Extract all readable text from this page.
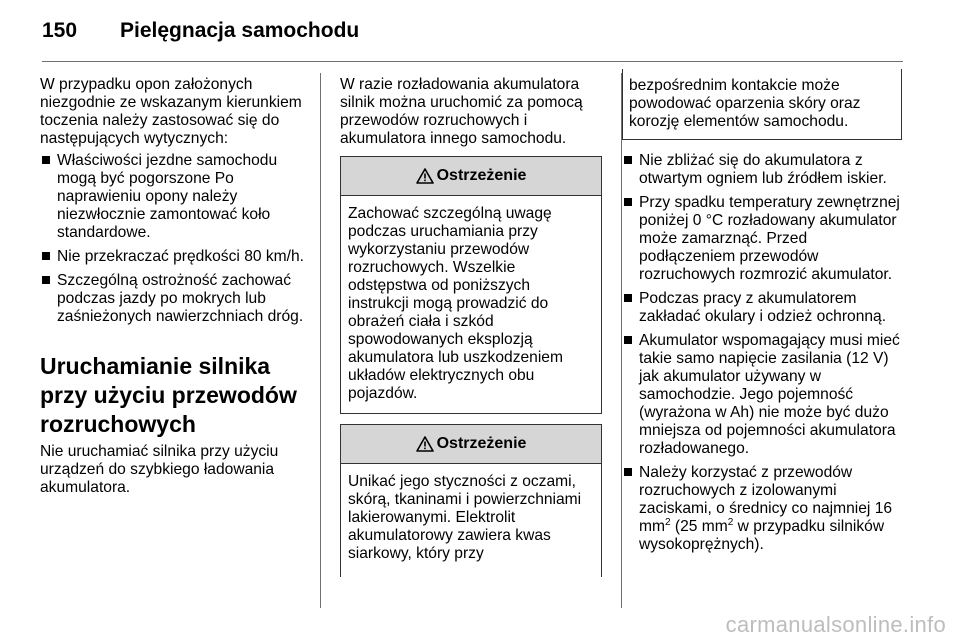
150 Pielęgnacja samochodu

W przypadku opon założonych niezgodnie ze wskazanym kierunkiem toczenia należy zastosować się do następujących wytycznych:

Właściwości jezdne samochodu mogą być pogorszone Po naprawieniu opony należy niezwłocznie zamontować koło standardowe.
Nie przekraczać prędkości 80 km/h.
Szczególną ostrożność zachować podczas jazdy po mokrych lub zaśnieżonych nawierzchniach dróg.
Uruchamianie silnika przy użyciu przewodów rozruchowych

Nie uruchamiać silnika przy użyciu urządzeń do szybkiego ładowania akumulatora.

W razie rozładowania akumulatora silnik można uruchomić za pomocą przewodów rozruchowych i akumulatora innego samochodu.

Ostrzeżenie
Zachować szczególną uwagę podczas uruchamiania przy wykorzystaniu przewodów rozruchowych. Wszelkie odstępstwa od poniższych instrukcji mogą prowadzić do obrażeń ciała i szkód spowodowanych eksplozją akumulatora lub uszkodzeniem układów elektrycznych obu pojazdów.
Ostrzeżenie
Unikać jego styczności z oczami, skórą, tkaninami i powierzchniami lakierowanymi. Elektrolit akumulatorowy zawiera kwas siarkowy, który przy
bezpośrednim kontakcie może powodować oparzenia skóry oraz korozję elementów samochodu.
Nie zbliżać się do akumulatora z otwartym ogniem lub źródłem iskier.
Przy spadku temperatury zewnętrznej poniżej 0 °C rozładowany akumulator może zamarznąć. Przed podłączeniem przewodów rozruchowych rozmrozić akumulator.
Podczas pracy z akumulatorem zakładać okulary i odzież ochronną.
Akumulator wspomagający musi mieć takie samo napięcie zasilania (12 V) jak akumulator używany w samochodzie. Jego pojemność (wyrażona w Ah) nie może być dużo mniejsza od pojemności akumulatora rozładowanego.
Należy korzystać z przewodów rozruchowych z izolowanymi zaciskami, o średnicy co najmniej 16 $mm^2$ (25 $mm^2$ w przypadku silników wysokoprężnych).
carmanualsonline.info
